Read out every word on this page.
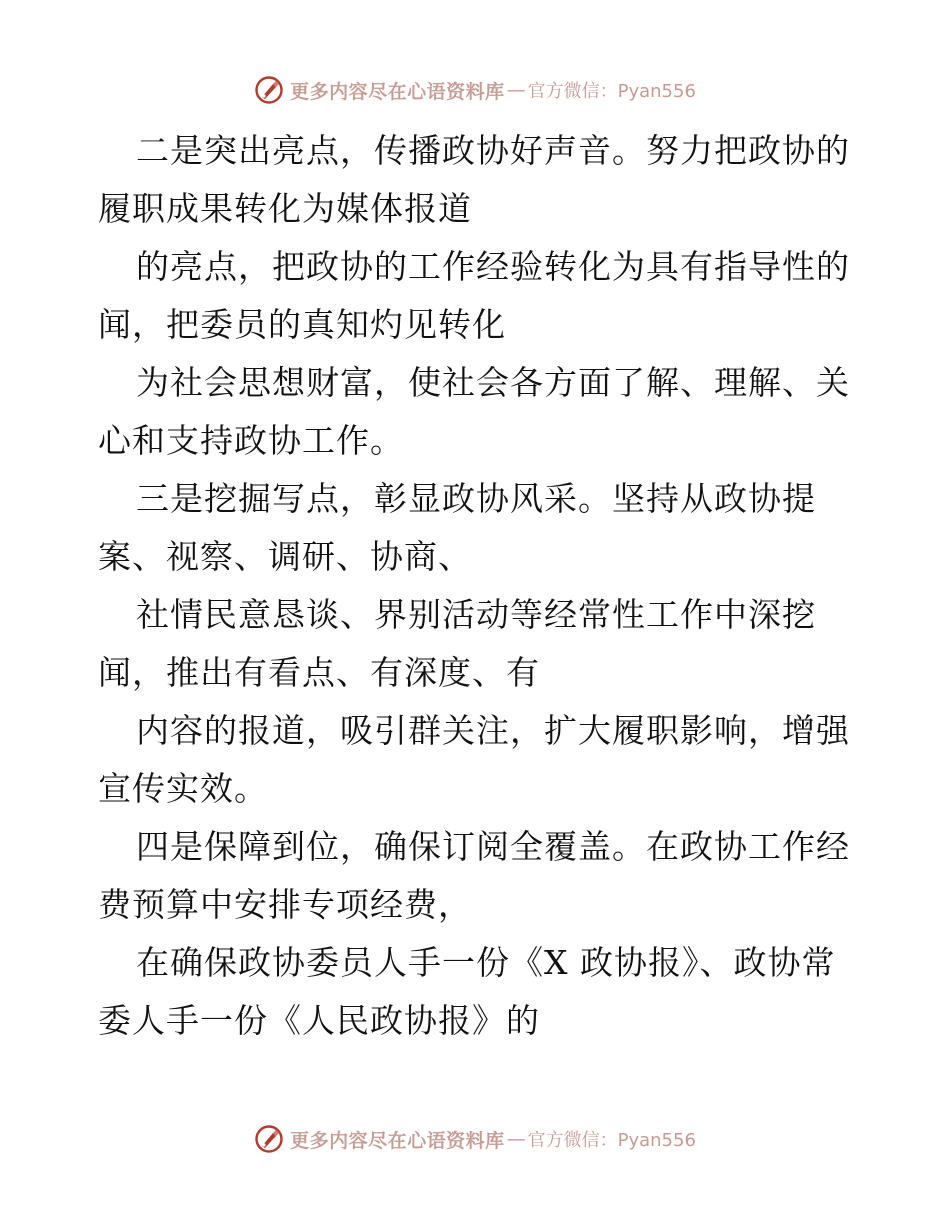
更多内容尽在心语资料库 — 官方微信：Pyan556
二是突出亮点，传播政协好声音。努力把政协的
履职成果转化为媒体报道
的亮点，把政协的工作经验转化为具有指导性的
闻，把委员的真知灼见转化
为社会思想财富，使社会各方面了解、理解、关
心和支持政协工作。
三是挖掘写点，彰显政协风采。坚持从政协提
案、视察、调研、协商、
社情民意恳谈、界别活动等经常性工作中深挖
闻，推出有看点、有深度、有
内容的报道，吸引群关注，扩大履职影响，增强
宣传实效。
四是保障到位，确保订阅全覆盖。在政协工作经
费预算中安排专项经费，
在确保政协委员人手一份《X 政协报》、政协常
委人手一份《人民政协报》的
更多内容尽在心语资料库 — 官方微信：Pyan556
